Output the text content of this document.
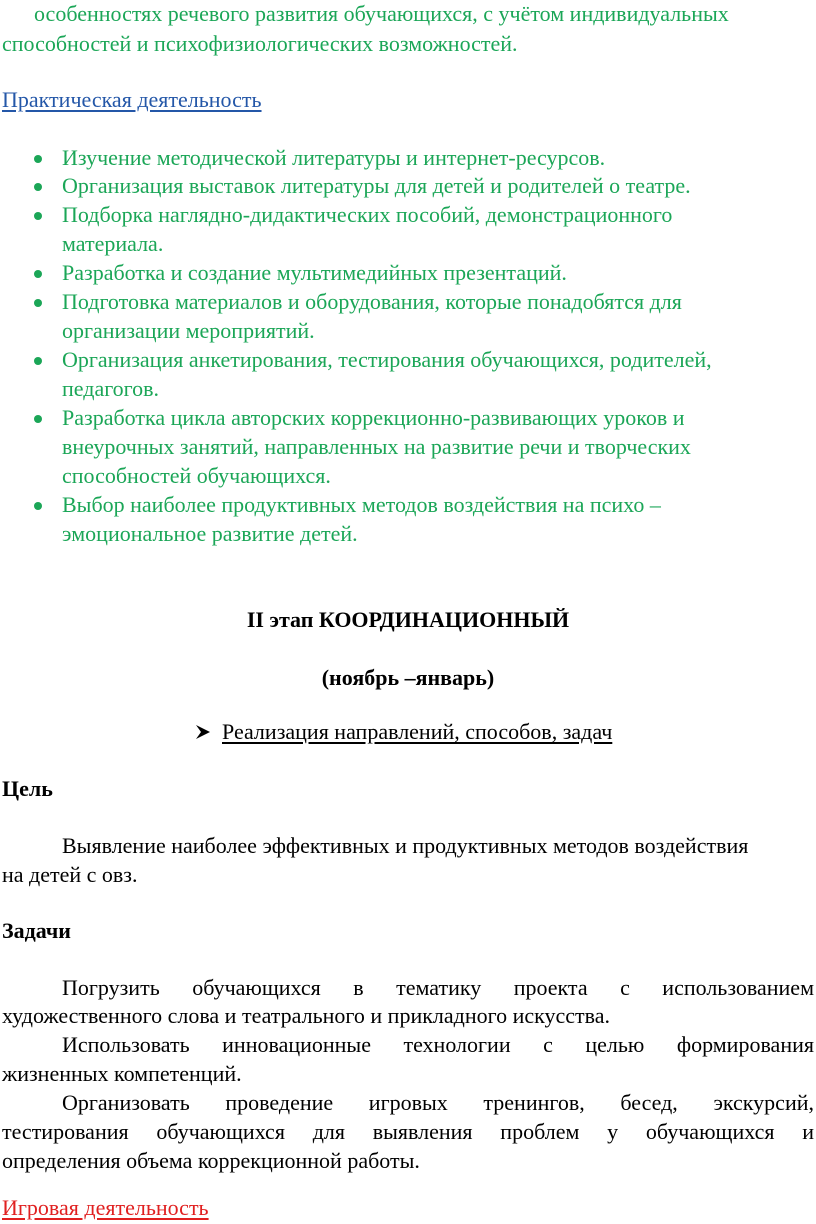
особенностях речевого развития обучающихся, с учётом индивидуальных
способностей и психофизиологических возможностей.
Практическая деятельность
Изучение методической литературы и интернет-ресурсов.
Организация выставок литературы для детей и родителей о театре.
Подборка наглядно-дидактических пособий, демонстрационного
материала.
Разработка и создание мультимедийных презентаций.
Подготовка материалов и оборудования, которые понадобятся для
организации мероприятий.
Организация анкетирования, тестирования обучающихся, родителей,
педагогов.
Разработка цикла авторских коррекционно-развивающих уроков и
внеурочных занятий, направленных на развитие речи и творческих
способностей обучающихся.
Выбор наиболее продуктивных методов воздействия на психо –
эмоциональное развитие детей.
II этап КООРДИНАЦИОННЫЙ
(ноябрь –январь)
Реализация направлений, способов, задач
Цель
Выявление наиболее эффективных и продуктивных методов воздействия
на детей с овз.
Задачи
Погрузить обучающихся в тематику проекта с использованием
художественного слова и театрального и прикладного искусства.
Использовать инновационные технологии с целью формирования
жизненных компетенций.
Организовать проведение игровых тренингов, бесед, экскурсий,
тестирования обучающихся для выявления проблем у обучающихся и
определения объема коррекционной работы.
Игровая деятельность
